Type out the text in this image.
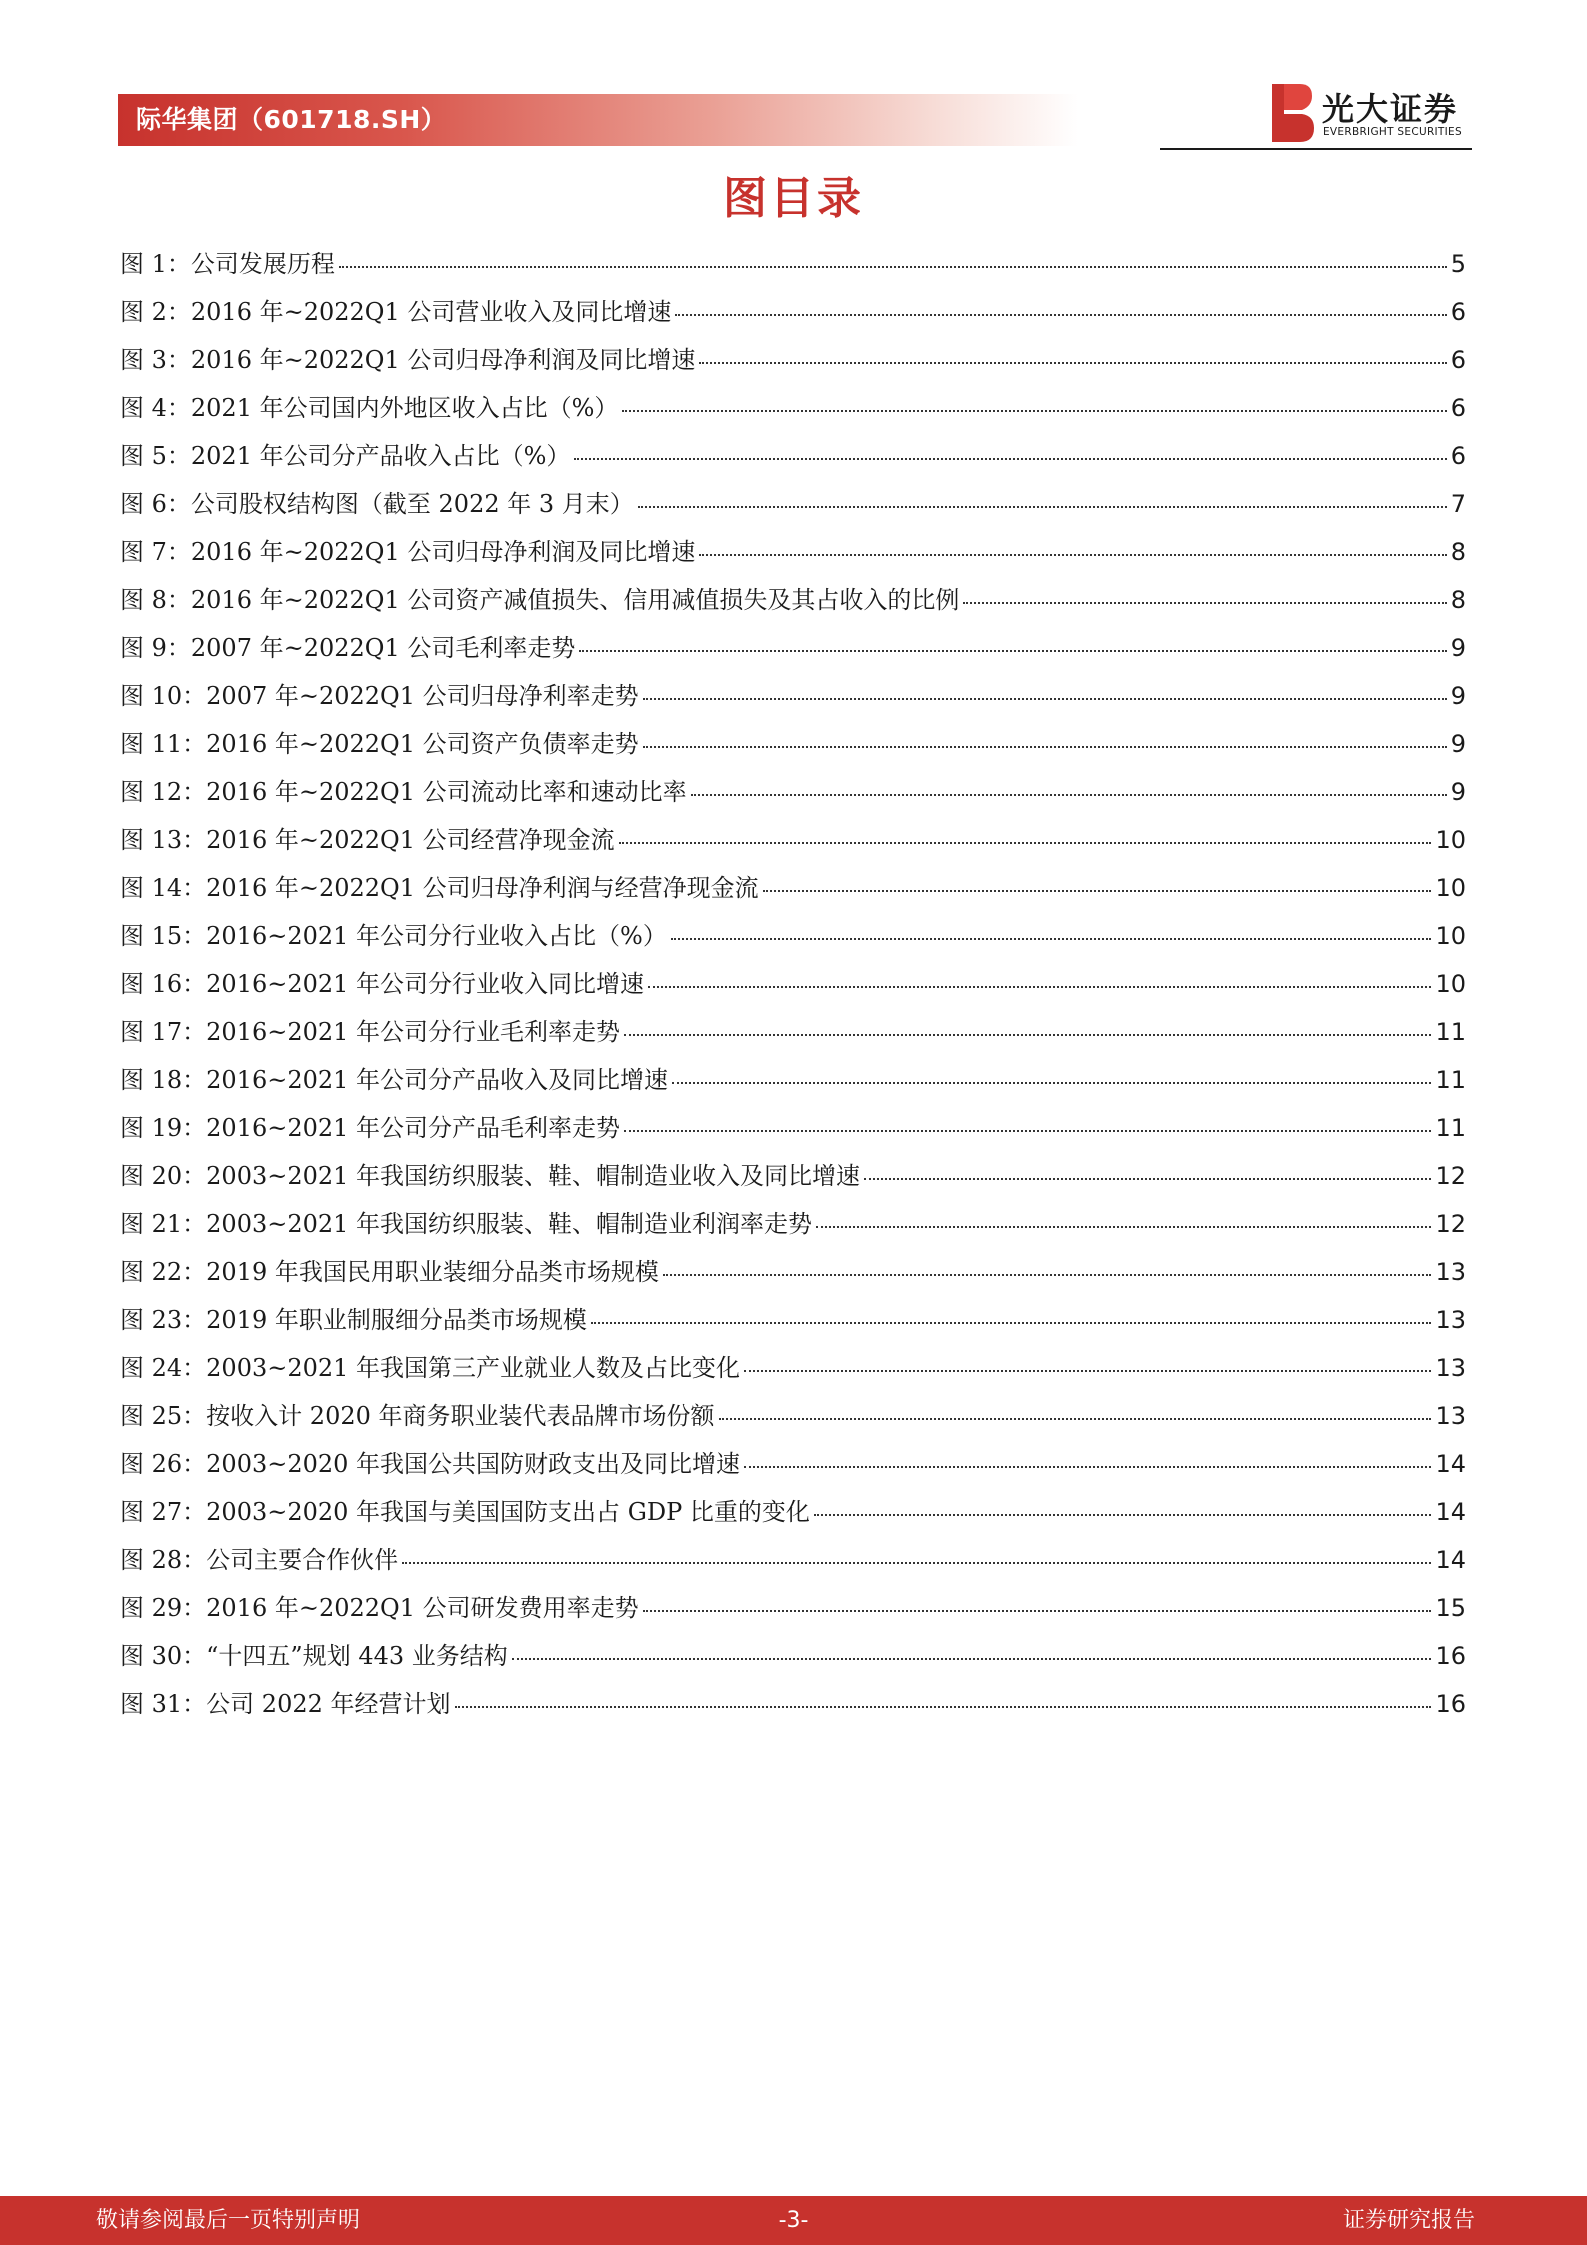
际华集团（601718.SH）	光大证券
EVERBRIGHT SECURITIES
图目录
图 1：公司发展历程	5
图 2：2016 年~2022Q1 公司营业收入及同比增速	6
图 3：2016 年~2022Q1 公司归母净利润及同比增速	6
图 4：2021 年公司国内外地区收入占比（%）	6
图 5：2021 年公司分产品收入占比（%）	6
图 6：公司股权结构图（截至 2022 年 3 月末）	7
图 7：2016 年~2022Q1 公司归母净利润及同比增速	8
图 8：2016 年~2022Q1 公司资产减值损失、信用减值损失及其占收入的比例	8
图 9：2007 年~2022Q1 公司毛利率走势	9
图 10：2007 年~2022Q1 公司归母净利率走势	9
图 11：2016 年~2022Q1 公司资产负债率走势	9
图 12：2016 年~2022Q1 公司流动比率和速动比率	9
图 13：2016 年~2022Q1 公司经营净现金流	10
图 14：2016 年~2022Q1 公司归母净利润与经营净现金流	10
图 15：2016~2021 年公司分行业收入占比（%）	10
图 16：2016~2021 年公司分行业收入同比增速	10
图 17：2016~2021 年公司分行业毛利率走势	11
图 18：2016~2021 年公司分产品收入及同比增速	11
图 19：2016~2021 年公司分产品毛利率走势	11
图 20：2003~2021 年我国纺织服装、鞋、帽制造业收入及同比增速	12
图 21：2003~2021 年我国纺织服装、鞋、帽制造业利润率走势	12
图 22：2019 年我国民用职业装细分品类市场规模	13
图 23：2019 年职业制服细分品类市场规模	13
图 24：2003~2021 年我国第三产业就业人数及占比变化	13
图 25：按收入计 2020 年商务职业装代表品牌市场份额	13
图 26：2003~2020 年我国公共国防财政支出及同比增速	14
图 27：2003~2020 年我国与美国国防支出占 GDP 比重的变化	14
图 28：公司主要合作伙伴	14
图 29：2016 年~2022Q1 公司研发费用率走势	15
图 30：“十四五”规划 443 业务结构	16
图 31：公司 2022 年经营计划	16
敬请参阅最后一页特别声明	-3-	证券研究报告
